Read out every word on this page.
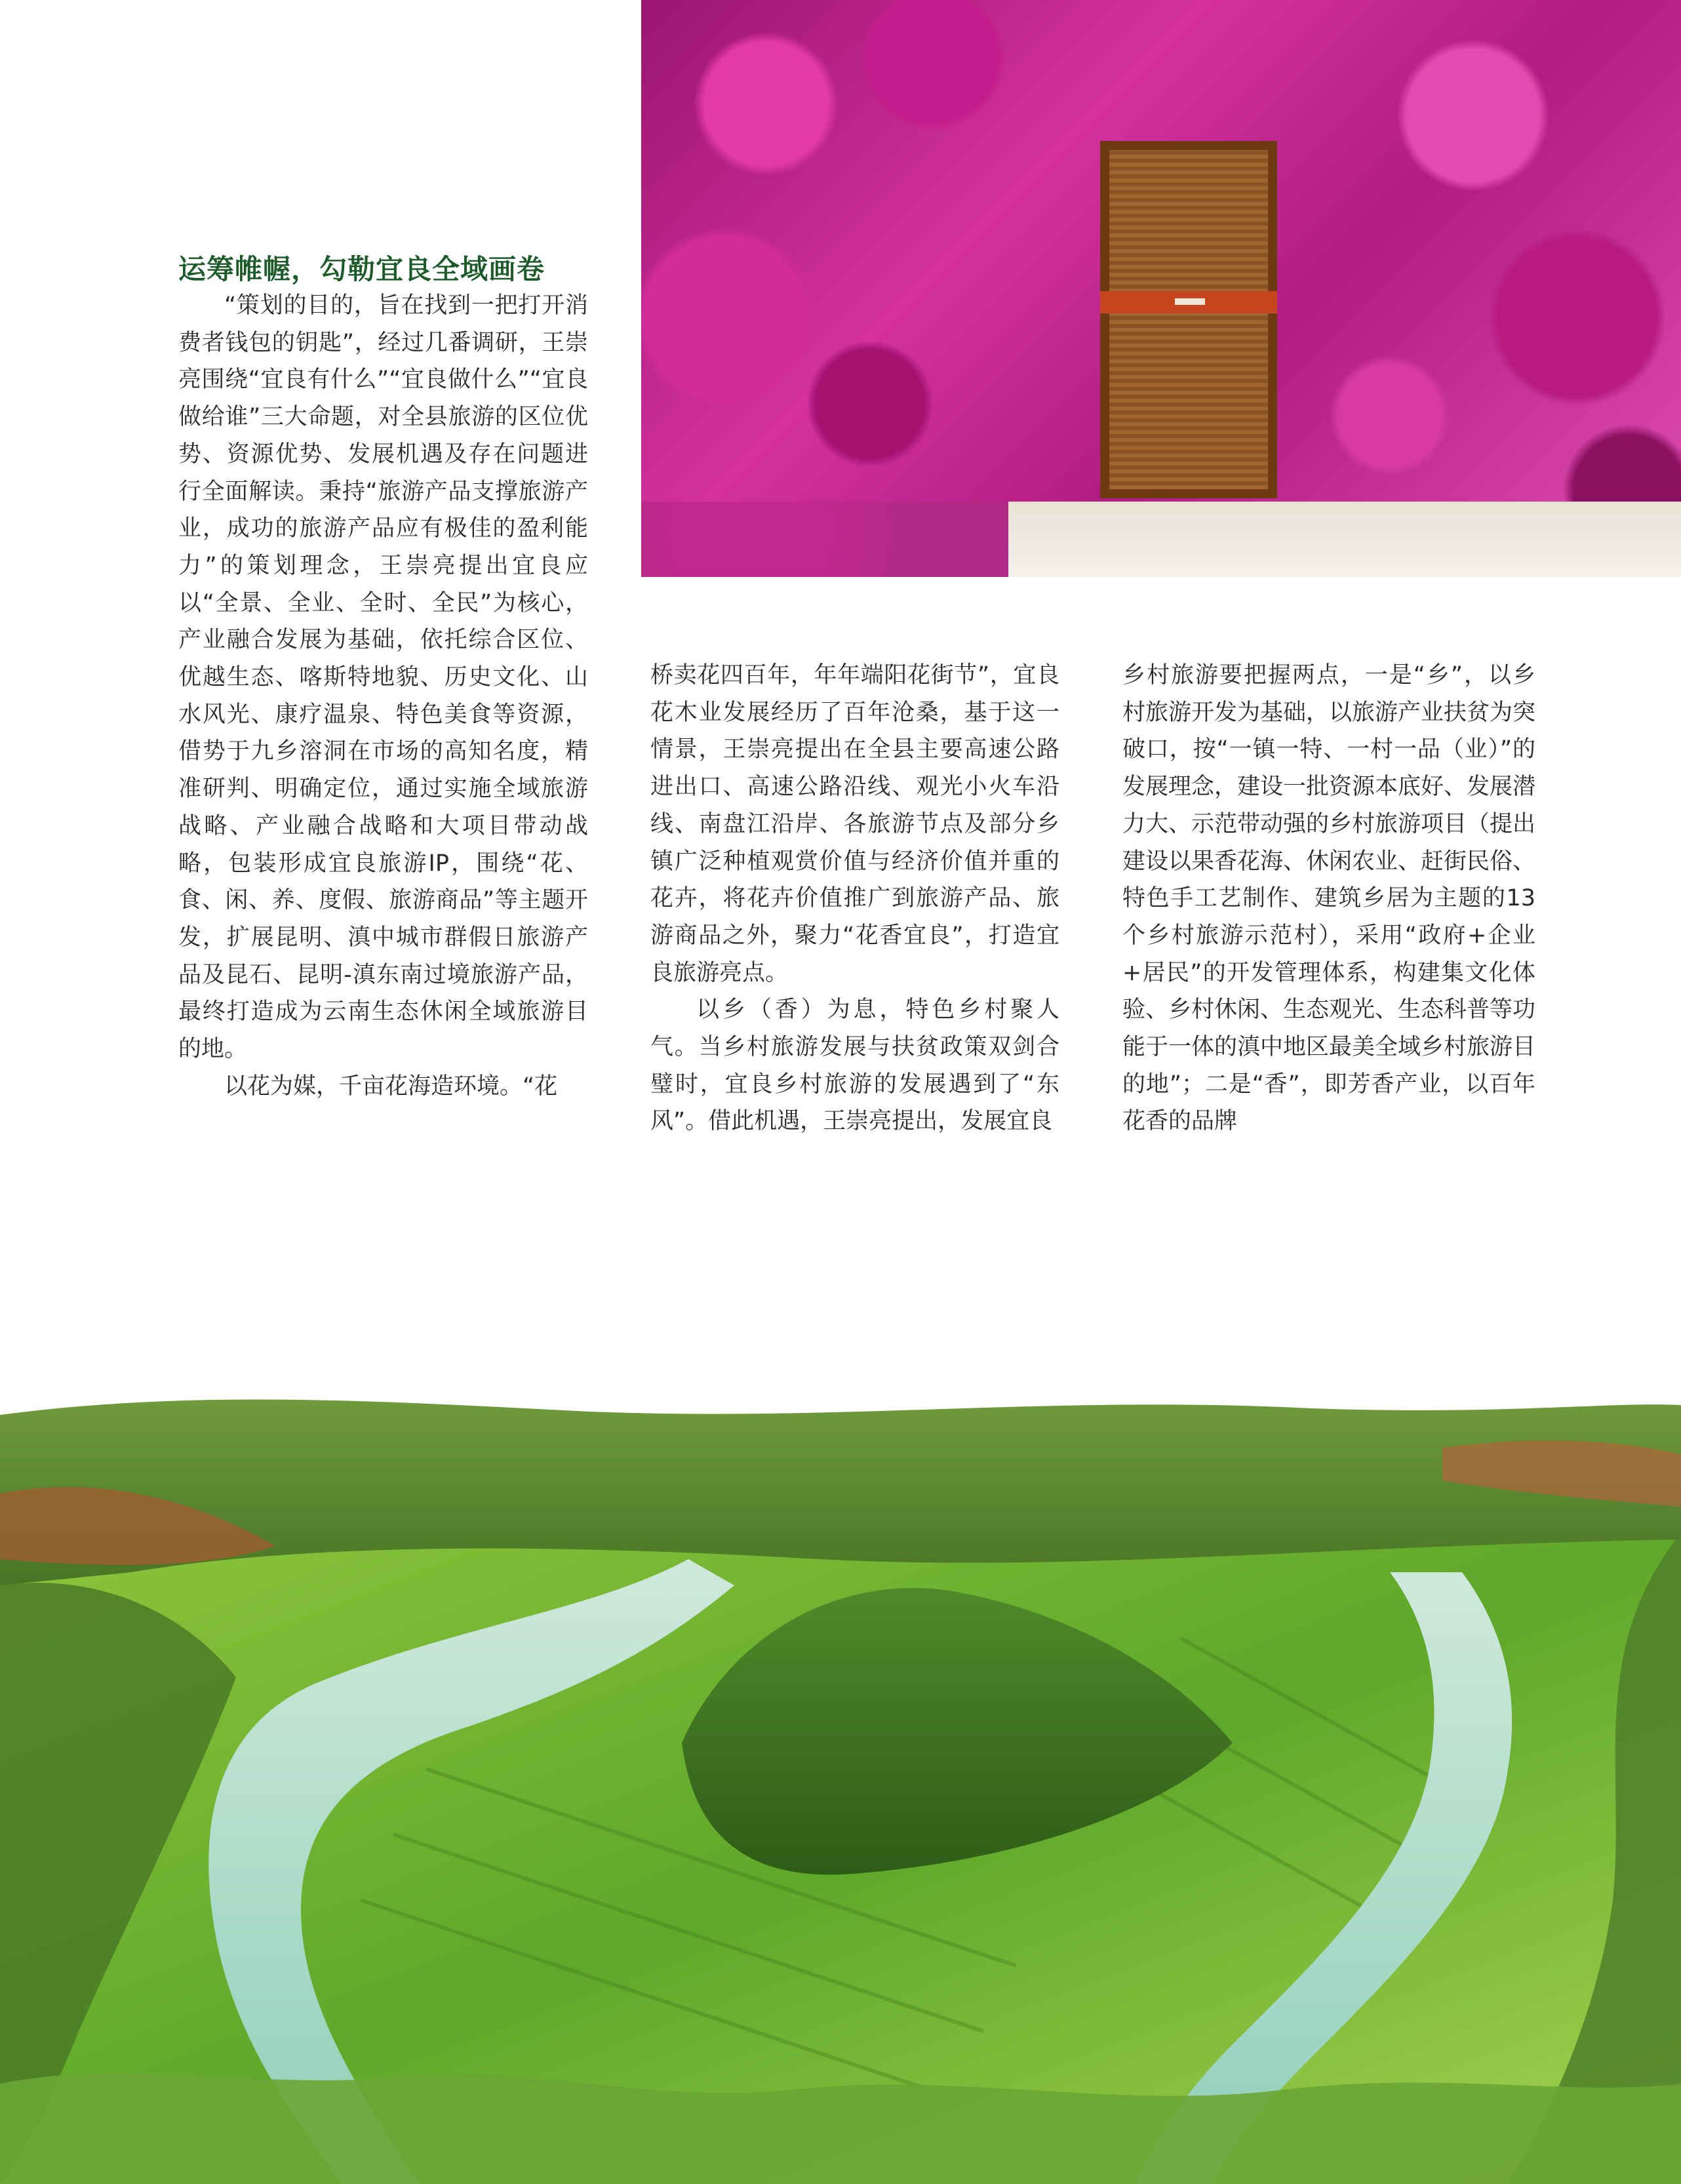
运筹帷幄，勾勒宜良全域画卷

“策划的目的，旨在找到一把打开消费者钱包的钥匙”，经过几番调研，王崇亮围绕“宜良有什么”“宜良做什么”“宜良做给谁”三大命题，对全县旅游的区位优势、资源优势、发展机遇及存在问题进行全面解读。秉持“旅游产品支撑旅游产业，成功的旅游产品应有极佳的盈利能力”的策划理念，王崇亮提出宜良应以“全景、全业、全时、全民”为核心，产业融合发展为基础，依托综合区位、优越生态、喀斯特地貌、历史文化、山水风光、康疗温泉、特色美食等资源，借势于九乡溶洞在市场的高知名度，精准研判、明确定位，通过实施全域旅游战略、产业融合战略和大项目带动战略，包装形成宜良旅游IP，围绕“花、食、闲、养、度假、旅游商品”等主题开发，扩展昆明、滇中城市群假日旅游产品及昆石、昆明-滇东南过境旅游产品，最终打造成为云南生态休闲全域旅游目的地。

以花为媒，千亩花海造环境。“花

桥卖花四百年，年年端阳花街节”，宜良花木业发展经历了百年沧桑，基于这一情景，王崇亮提出在全县主要高速公路进出口、高速公路沿线、观光小火车沿线、南盘江沿岸、各旅游节点及部分乡镇广泛种植观赏价值与经济价值并重的花卉，将花卉价值推广到旅游产品、旅游商品之外，聚力“花香宜良”，打造宜良旅游亮点。

以乡（香）为息，特色乡村聚人气。当乡村旅游发展与扶贫政策双剑合璧时，宜良乡村旅游的发展遇到了“东风”。借此机遇，王崇亮提出，发展宜良

乡村旅游要把握两点，一是“乡”，以乡村旅游开发为基础，以旅游产业扶贫为突破口，按“一镇一特、一村一品（业）”的发展理念，建设一批资源本底好、发展潜力大、示范带动强的乡村旅游项目（提出建设以果香花海、休闲农业、赶街民俗、特色手工艺制作、建筑乡居为主题的13个乡村旅游示范村），采用“政府+企业+居民”的开发管理体系，构建集文化体验、乡村休闲、生态观光、生态科普等功能于一体的滇中地区最美全域乡村旅游目的地”；二是“香”，即芳香产业，以百年花香的品牌
